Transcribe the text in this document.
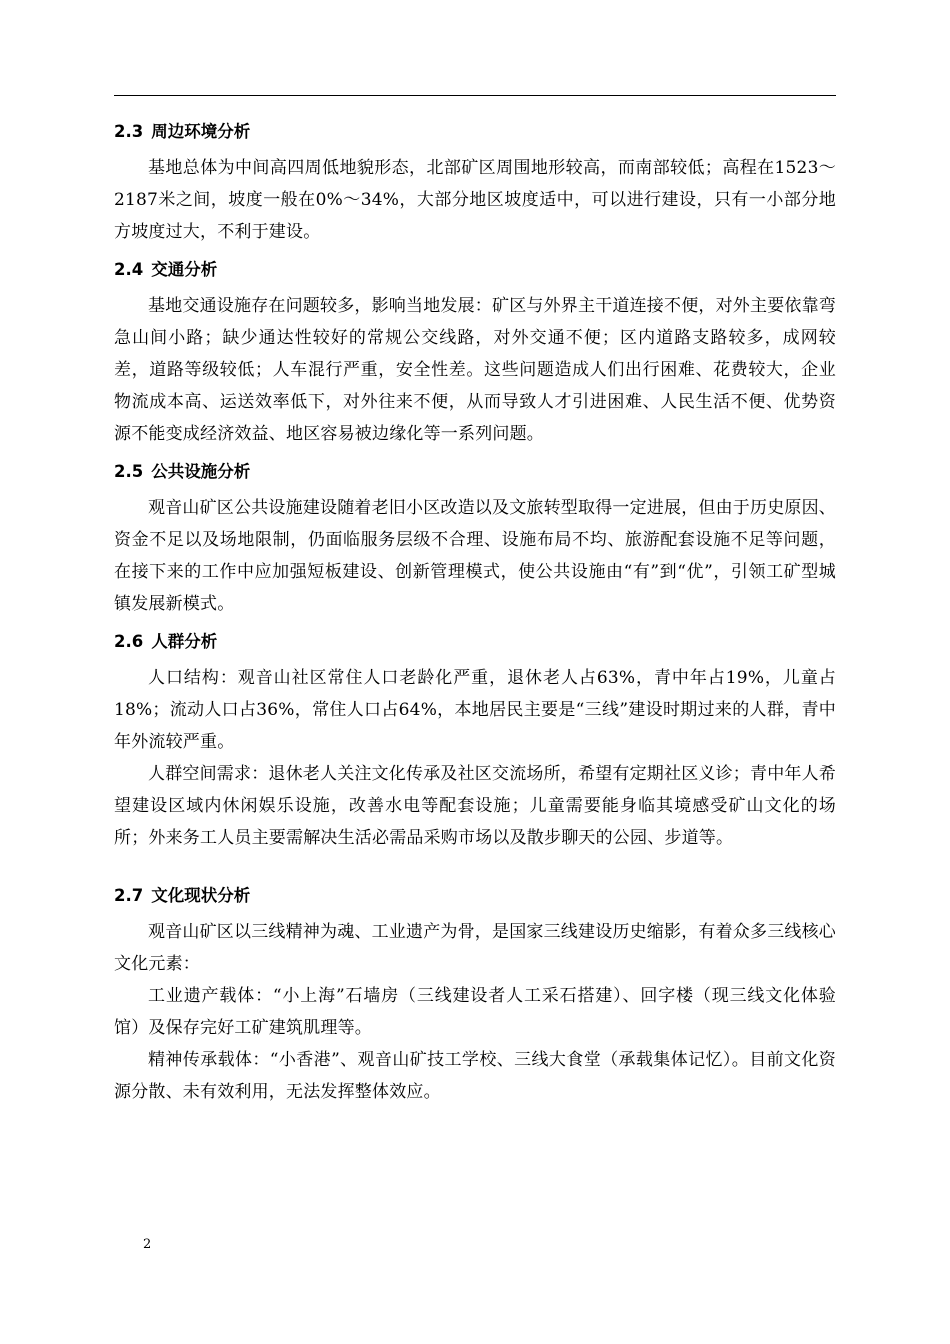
2.3 周边环境分析

基地总体为中间高四周低地貌形态，北部矿区周围地形较高，而南部较低；高程在1523～2187米之间，坡度一般在0%～34%，大部分地区坡度适中，可以进行建设，只有一小部分地方坡度过大，不利于建设。

2.4 交通分析

基地交通设施存在问题较多，影响当地发展：矿区与外界主干道连接不便，对外主要依靠弯急山间小路；缺少通达性较好的常规公交线路，对外交通不便；区内道路支路较多，成网较差，道路等级较低；人车混行严重，安全性差。这些问题造成人们出行困难、花费较大，企业物流成本高、运送效率低下，对外往来不便，从而导致人才引进困难、人民生活不便、优势资源不能变成经济效益、地区容易被边缘化等一系列问题。

2.5 公共设施分析

观音山矿区公共设施建设随着老旧小区改造以及文旅转型取得一定进展，但由于历史原因、资金不足以及场地限制，仍面临服务层级不合理、设施布局不均、旅游配套设施不足等问题，在接下来的工作中应加强短板建设、创新管理模式，使公共设施由“有”到“优”，引领工矿型城镇发展新模式。

2.6 人群分析

人口结构：观音山社区常住人口老龄化严重，退休老人占63%，青中年占19%，儿童占18%；流动人口占36%，常住人口占64%，本地居民主要是“三线”建设时期过来的人群，青中年外流较严重。

人群空间需求：退休老人关注文化传承及社区交流场所，希望有定期社区义诊；青中年人希望建设区域内休闲娱乐设施，改善水电等配套设施；儿童需要能身临其境感受矿山文化的场所；外来务工人员主要需解决生活必需品采购市场以及散步聊天的公园、步道等。

2.7 文化现状分析

观音山矿区以三线精神为魂、工业遗产为骨，是国家三线建设历史缩影，有着众多三线核心文化元素：

工业遗产载体：“小上海”石墙房（三线建设者人工采石搭建）、回字楼（现三线文化体验馆）及保存完好工矿建筑肌理等。

精神传承载体：“小香港”、观音山矿技工学校、三线大食堂（承载集体记忆）。目前文化资源分散、未有效利用，无法发挥整体效应。

2
